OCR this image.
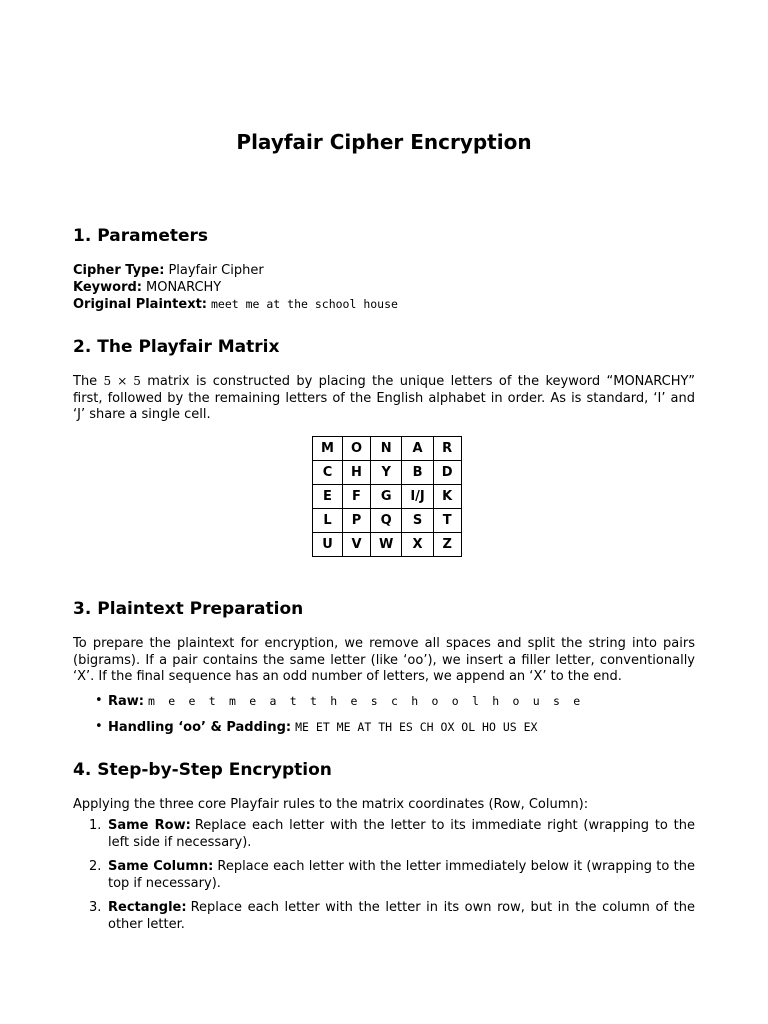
Playfair Cipher Encryption
1. Parameters
Cipher Type: Playfair Cipher
Keyword: MONARCHY
Original Plaintext: meet me at the school house
2. The Playfair Matrix

The 5 × 5 matrix is constructed by placing the unique letters of the keyword “MONARCHY” first, followed by the remaining letters of the English alphabet in order. As is standard, ‘I’ and ‘J’ share a single cell.

M	O	N	A	R
C	H	Y	B	D
E	F	G	I/J	K
L	P	Q	S	T
U	V	W	X	Z
3. Plaintext Preparation

To prepare the plaintext for encryption, we remove all spaces and split the string into pairs (bigrams). If a pair contains the same letter (like ‘oo’), we insert a filler letter, conventionally ‘X’. If the final sequence has an odd number of letters, we append an ‘X’ to the end.

• Raw: m e e t m e a t t h e s c h o o l h o u s e
• Handling ‘oo’ & Padding: ME ET ME AT TH ES CH OX OL HO US EX
4. Step-by-Step Encryption

Applying the three core Playfair rules to the matrix coordinates (Row, Column):

1. Same Row: Replace each letter with the letter to its immediate right (wrapping to the left side if necessary).
2. Same Column: Replace each letter with the letter immediately below it (wrapping to the top if necessary).
3. Rectangle: Replace each letter with the letter in its own row, but in the column of the other letter.
